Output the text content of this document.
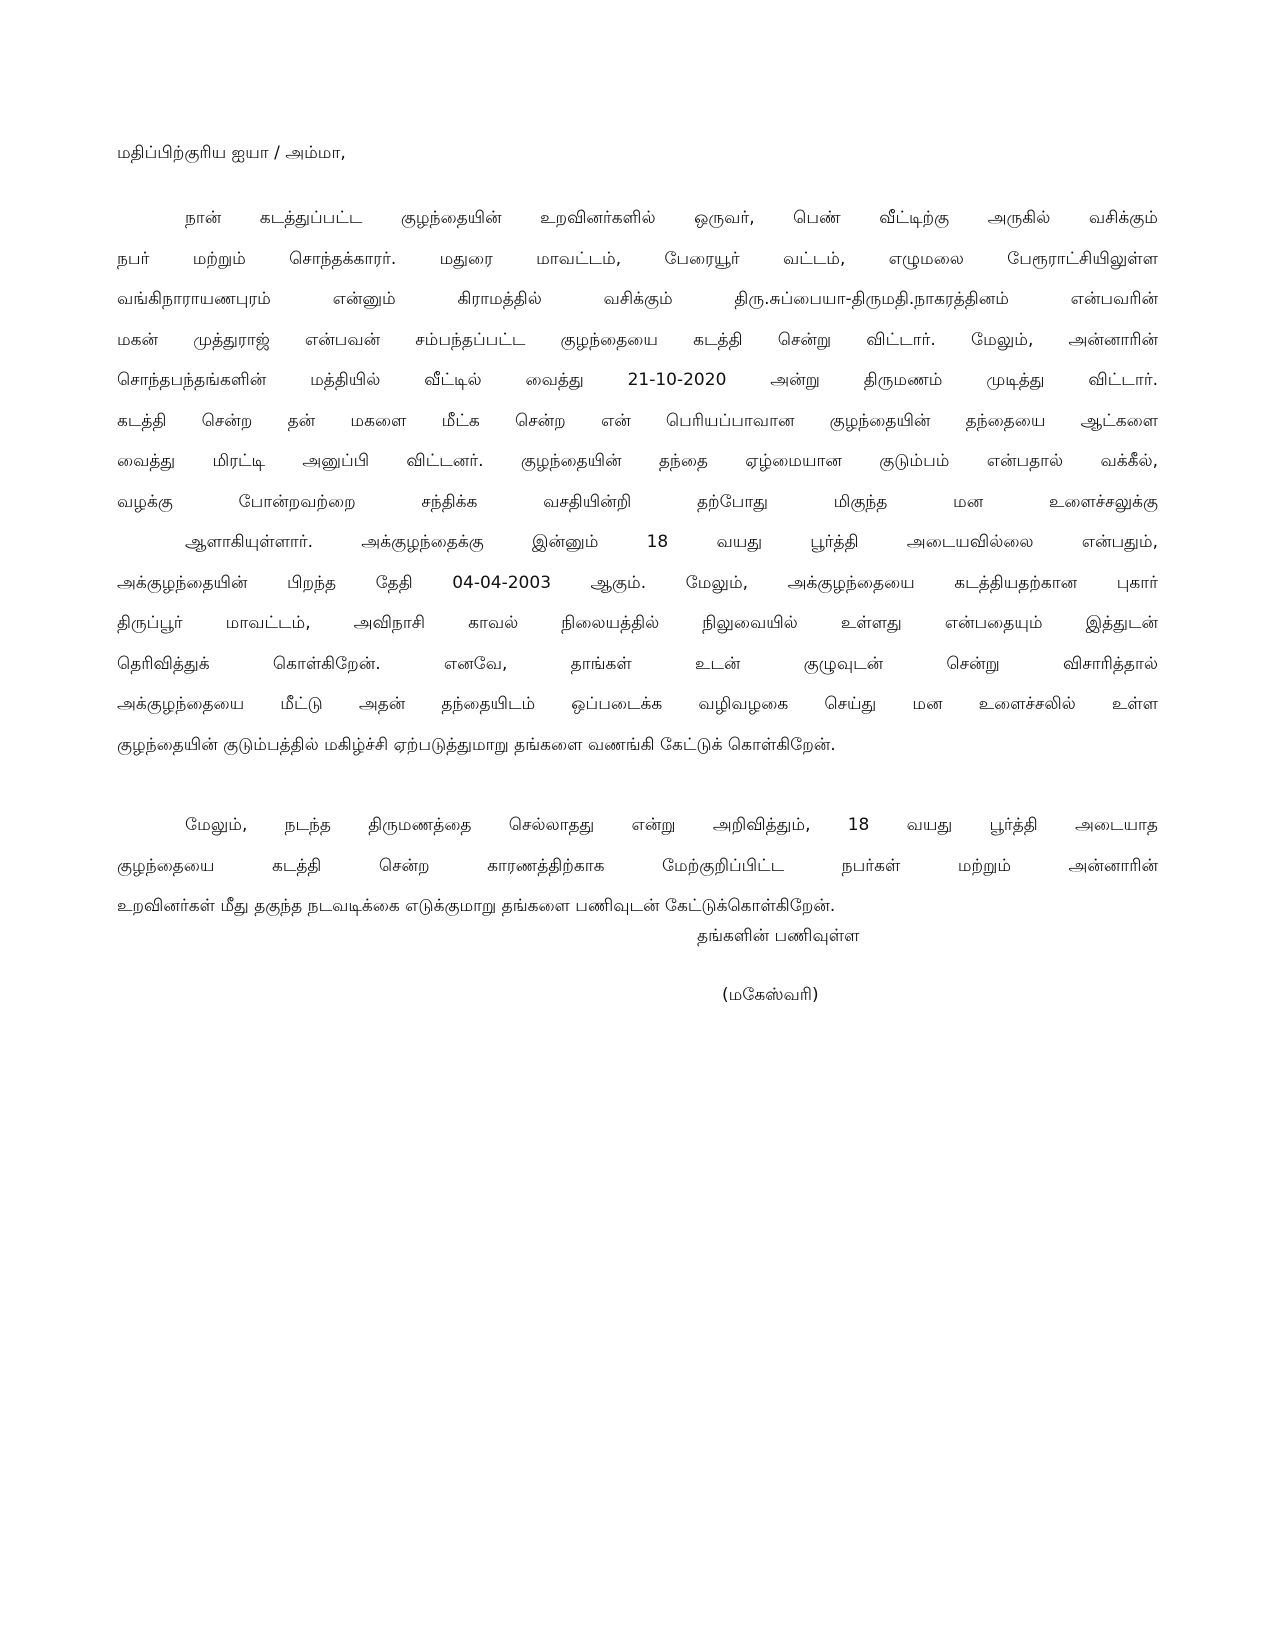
மதிப்பிற்குரிய ஐயா / அம்மா,
நான் கடத்துப்பட்ட குழந்தையின் உறவினர்களில் ஒருவர், பெண் வீட்டிற்கு அருகில் வசிக்கும்
நபர் மற்றும் சொந்தக்காரர். மதுரை மாவட்டம், பேரையூர் வட்டம், எழுமலை பேரூராட்சியிலுள்ள
வங்கிநாராயணபுரம் என்னும் கிராமத்தில் வசிக்கும் திரு.சுப்பையா-திருமதி.நாகரத்தினம் என்பவரின்
மகன் முத்துராஜ் என்பவன் சம்பந்தப்பட்ட குழந்தையை கடத்தி சென்று விட்டார். மேலும், அன்னாரின்
சொந்தபந்தங்களின் மத்தியில் வீட்டில் வைத்து 21-10-2020 அன்று திருமணம் முடித்து விட்டார்.
கடத்தி சென்ற தன் மகளை மீட்க சென்ற என் பெரியப்பாவான குழந்தையின் தந்தையை ஆட்களை
வைத்து மிரட்டி அனுப்பி விட்டனர். குழந்தையின் தந்தை ஏழ்மையான குடும்பம் என்பதால் வக்கீல்,
வழக்கு போன்றவற்றை சந்திக்க வசதியின்றி தற்போது மிகுந்த மன உளைச்சலுக்கு
ஆளாகியுள்ளார். அக்குழந்தைக்கு இன்னும் 18 வயது பூர்த்தி அடையவில்லை என்பதும்,
அக்குழந்தையின் பிறந்த தேதி 04-04-2003 ஆகும். மேலும், அக்குழந்தையை கடத்தியதற்கான புகார்
திருப்பூர் மாவட்டம், அவிநாசி காவல் நிலையத்தில் நிலுவையில் உள்ளது என்பதையும் இத்துடன்
தெரிவித்துக் கொள்கிறேன். எனவே, தாங்கள் உடன் குழுவுடன் சென்று விசாரித்தால்
அக்குழந்தையை மீட்டு அதன் தந்தையிடம் ஒப்படைக்க வழிவழகை செய்து மன உளைச்சலில் உள்ள
குழந்தையின் குடும்பத்தில் மகிழ்ச்சி ஏற்படுத்துமாறு தங்களை வணங்கி கேட்டுக் கொள்கிறேன்.
மேலும், நடந்த திருமணத்தை செல்லாதது என்று அறிவித்தும், 18 வயது பூர்த்தி அடையாத
குழந்தையை கடத்தி சென்ற காரணத்திற்காக மேற்குறிப்பிட்ட நபர்கள் மற்றும் அன்னாரின்
உறவினர்கள் மீது தகுந்த நடவடிக்கை எடுக்குமாறு தங்களை பணிவுடன் கேட்டுக்கொள்கிறேன்.
தங்களின் பணிவுள்ள
(மகேஸ்வரி)
